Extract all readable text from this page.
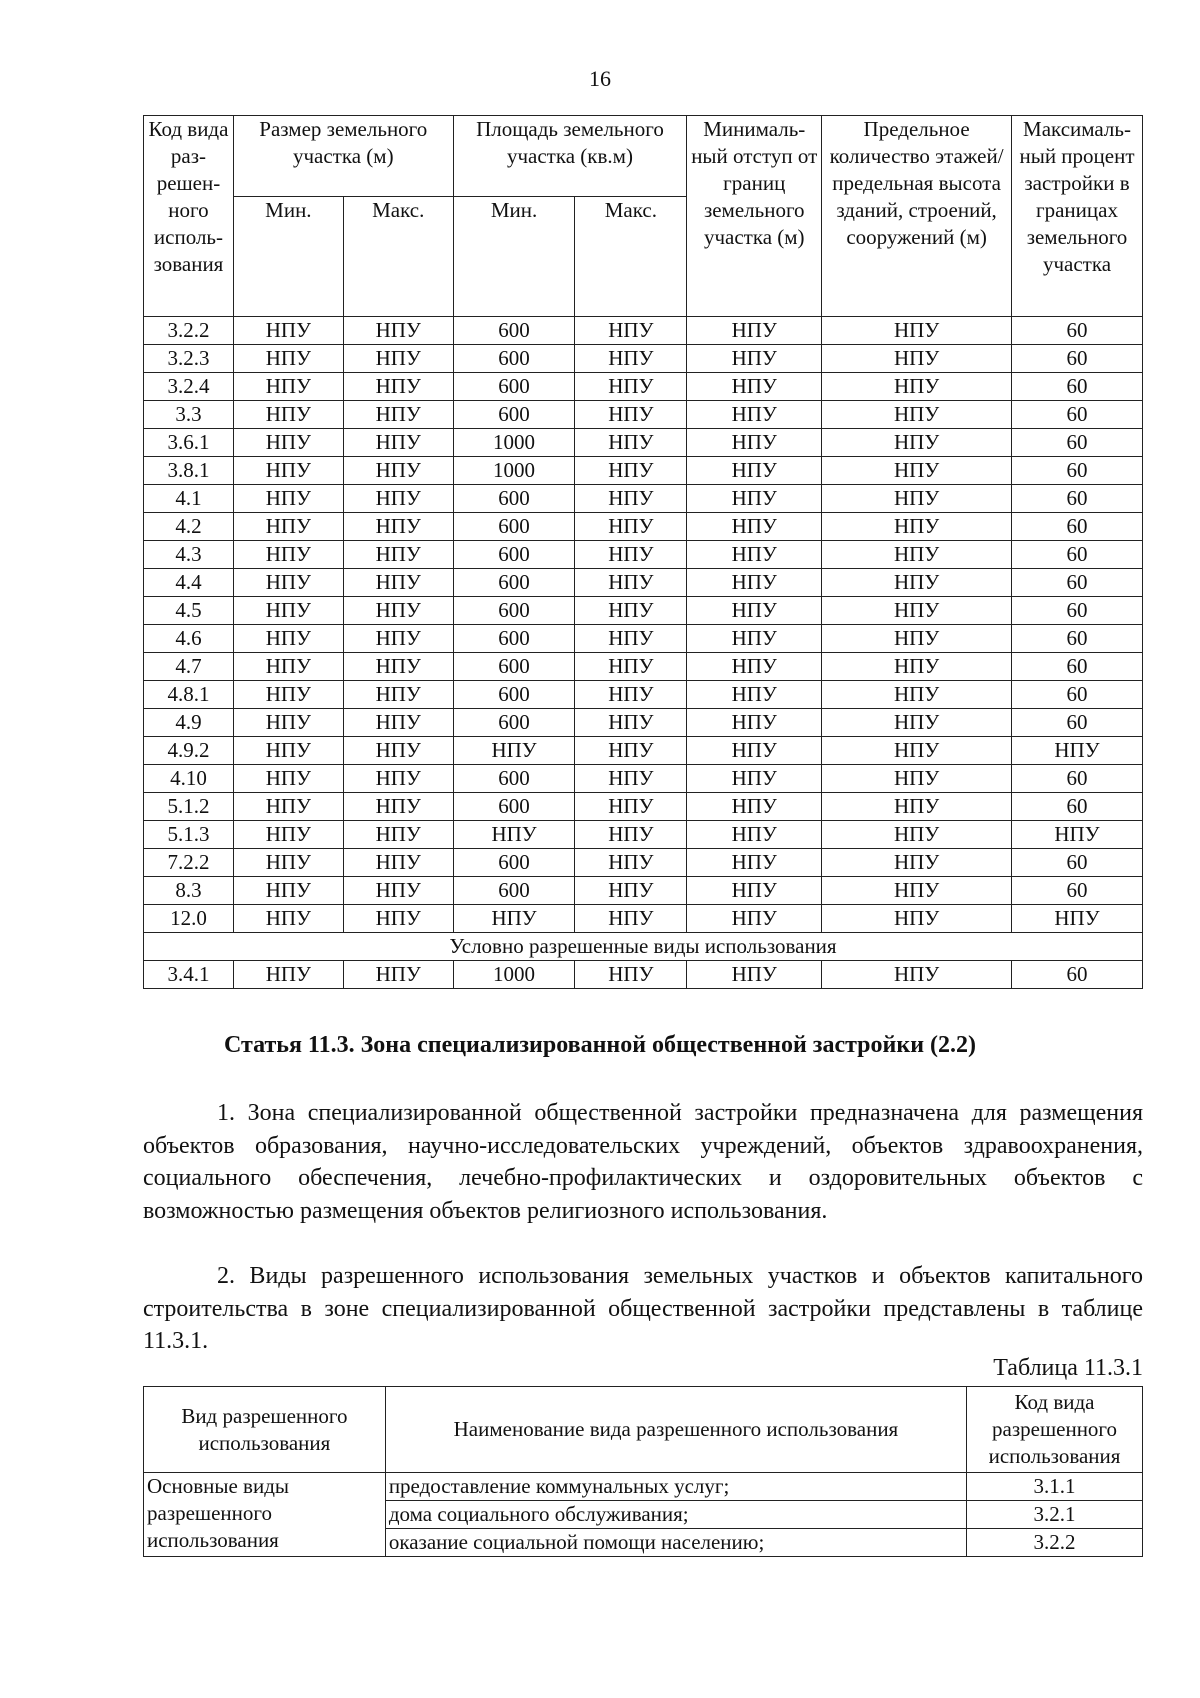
16
Код вида раз-решен-ного исполь-зования	Размер земельного участка (м)		Площадь земельного участка (кв.м)		Минималь-ный отступ от границ земельного участка (м)	Предельное количество этажей/ предельная высота зданий, строений, сооружений (м)	Максималь-ный процент застройки в границах земельного участка
	Мин.	Макс.	Мин.	Макс.			
3.2.2	НПУ	НПУ	600	НПУ	НПУ	НПУ	60
3.2.3	НПУ	НПУ	600	НПУ	НПУ	НПУ	60
3.2.4	НПУ	НПУ	600	НПУ	НПУ	НПУ	60
3.3	НПУ	НПУ	600	НПУ	НПУ	НПУ	60
3.6.1	НПУ	НПУ	1000	НПУ	НПУ	НПУ	60
3.8.1	НПУ	НПУ	1000	НПУ	НПУ	НПУ	60
4.1	НПУ	НПУ	600	НПУ	НПУ	НПУ	60
4.2	НПУ	НПУ	600	НПУ	НПУ	НПУ	60
4.3	НПУ	НПУ	600	НПУ	НПУ	НПУ	60
4.4	НПУ	НПУ	600	НПУ	НПУ	НПУ	60
4.5	НПУ	НПУ	600	НПУ	НПУ	НПУ	60
4.6	НПУ	НПУ	600	НПУ	НПУ	НПУ	60
4.7	НПУ	НПУ	600	НПУ	НПУ	НПУ	60
4.8.1	НПУ	НПУ	600	НПУ	НПУ	НПУ	60
4.9	НПУ	НПУ	600	НПУ	НПУ	НПУ	60
4.9.2	НПУ	НПУ	НПУ	НПУ	НПУ	НПУ	НПУ
4.10	НПУ	НПУ	600	НПУ	НПУ	НПУ	60
5.1.2	НПУ	НПУ	600	НПУ	НПУ	НПУ	60
5.1.3	НПУ	НПУ	НПУ	НПУ	НПУ	НПУ	НПУ
7.2.2	НПУ	НПУ	600	НПУ	НПУ	НПУ	60
8.3	НПУ	НПУ	600	НПУ	НПУ	НПУ	60
12.0	НПУ	НПУ	НПУ	НПУ	НПУ	НПУ	НПУ
Условно разрешенные виды использования							
3.4.1	НПУ	НПУ	1000	НПУ	НПУ	НПУ	60
Статья 11.3. Зона специализированной общественной застройки (2.2)

1. Зона специализированной общественной застройки предназначена для размещения объектов образования, научно-исследовательских учреждений, объектов здравоохранения, социального обеспечения, лечебно-профилактических и оздоровительных объектов с возможностью размещения объектов религиозного использования.

2. Виды разрешенного использования земельных участков и объектов капитального строительства в зоне специализированной общественной застройки представлены в таблице 11.3.1.

Таблица 11.3.1
Вид разрешенного использования	Наименование вида разрешенного использования	Код вида разрешенного использования
Основные виды разрешенного использования	предоставление коммунальных услуг;	3.1.1
	дома социального обслуживания;	3.2.1
	оказание социальной помощи населению;	3.2.2
